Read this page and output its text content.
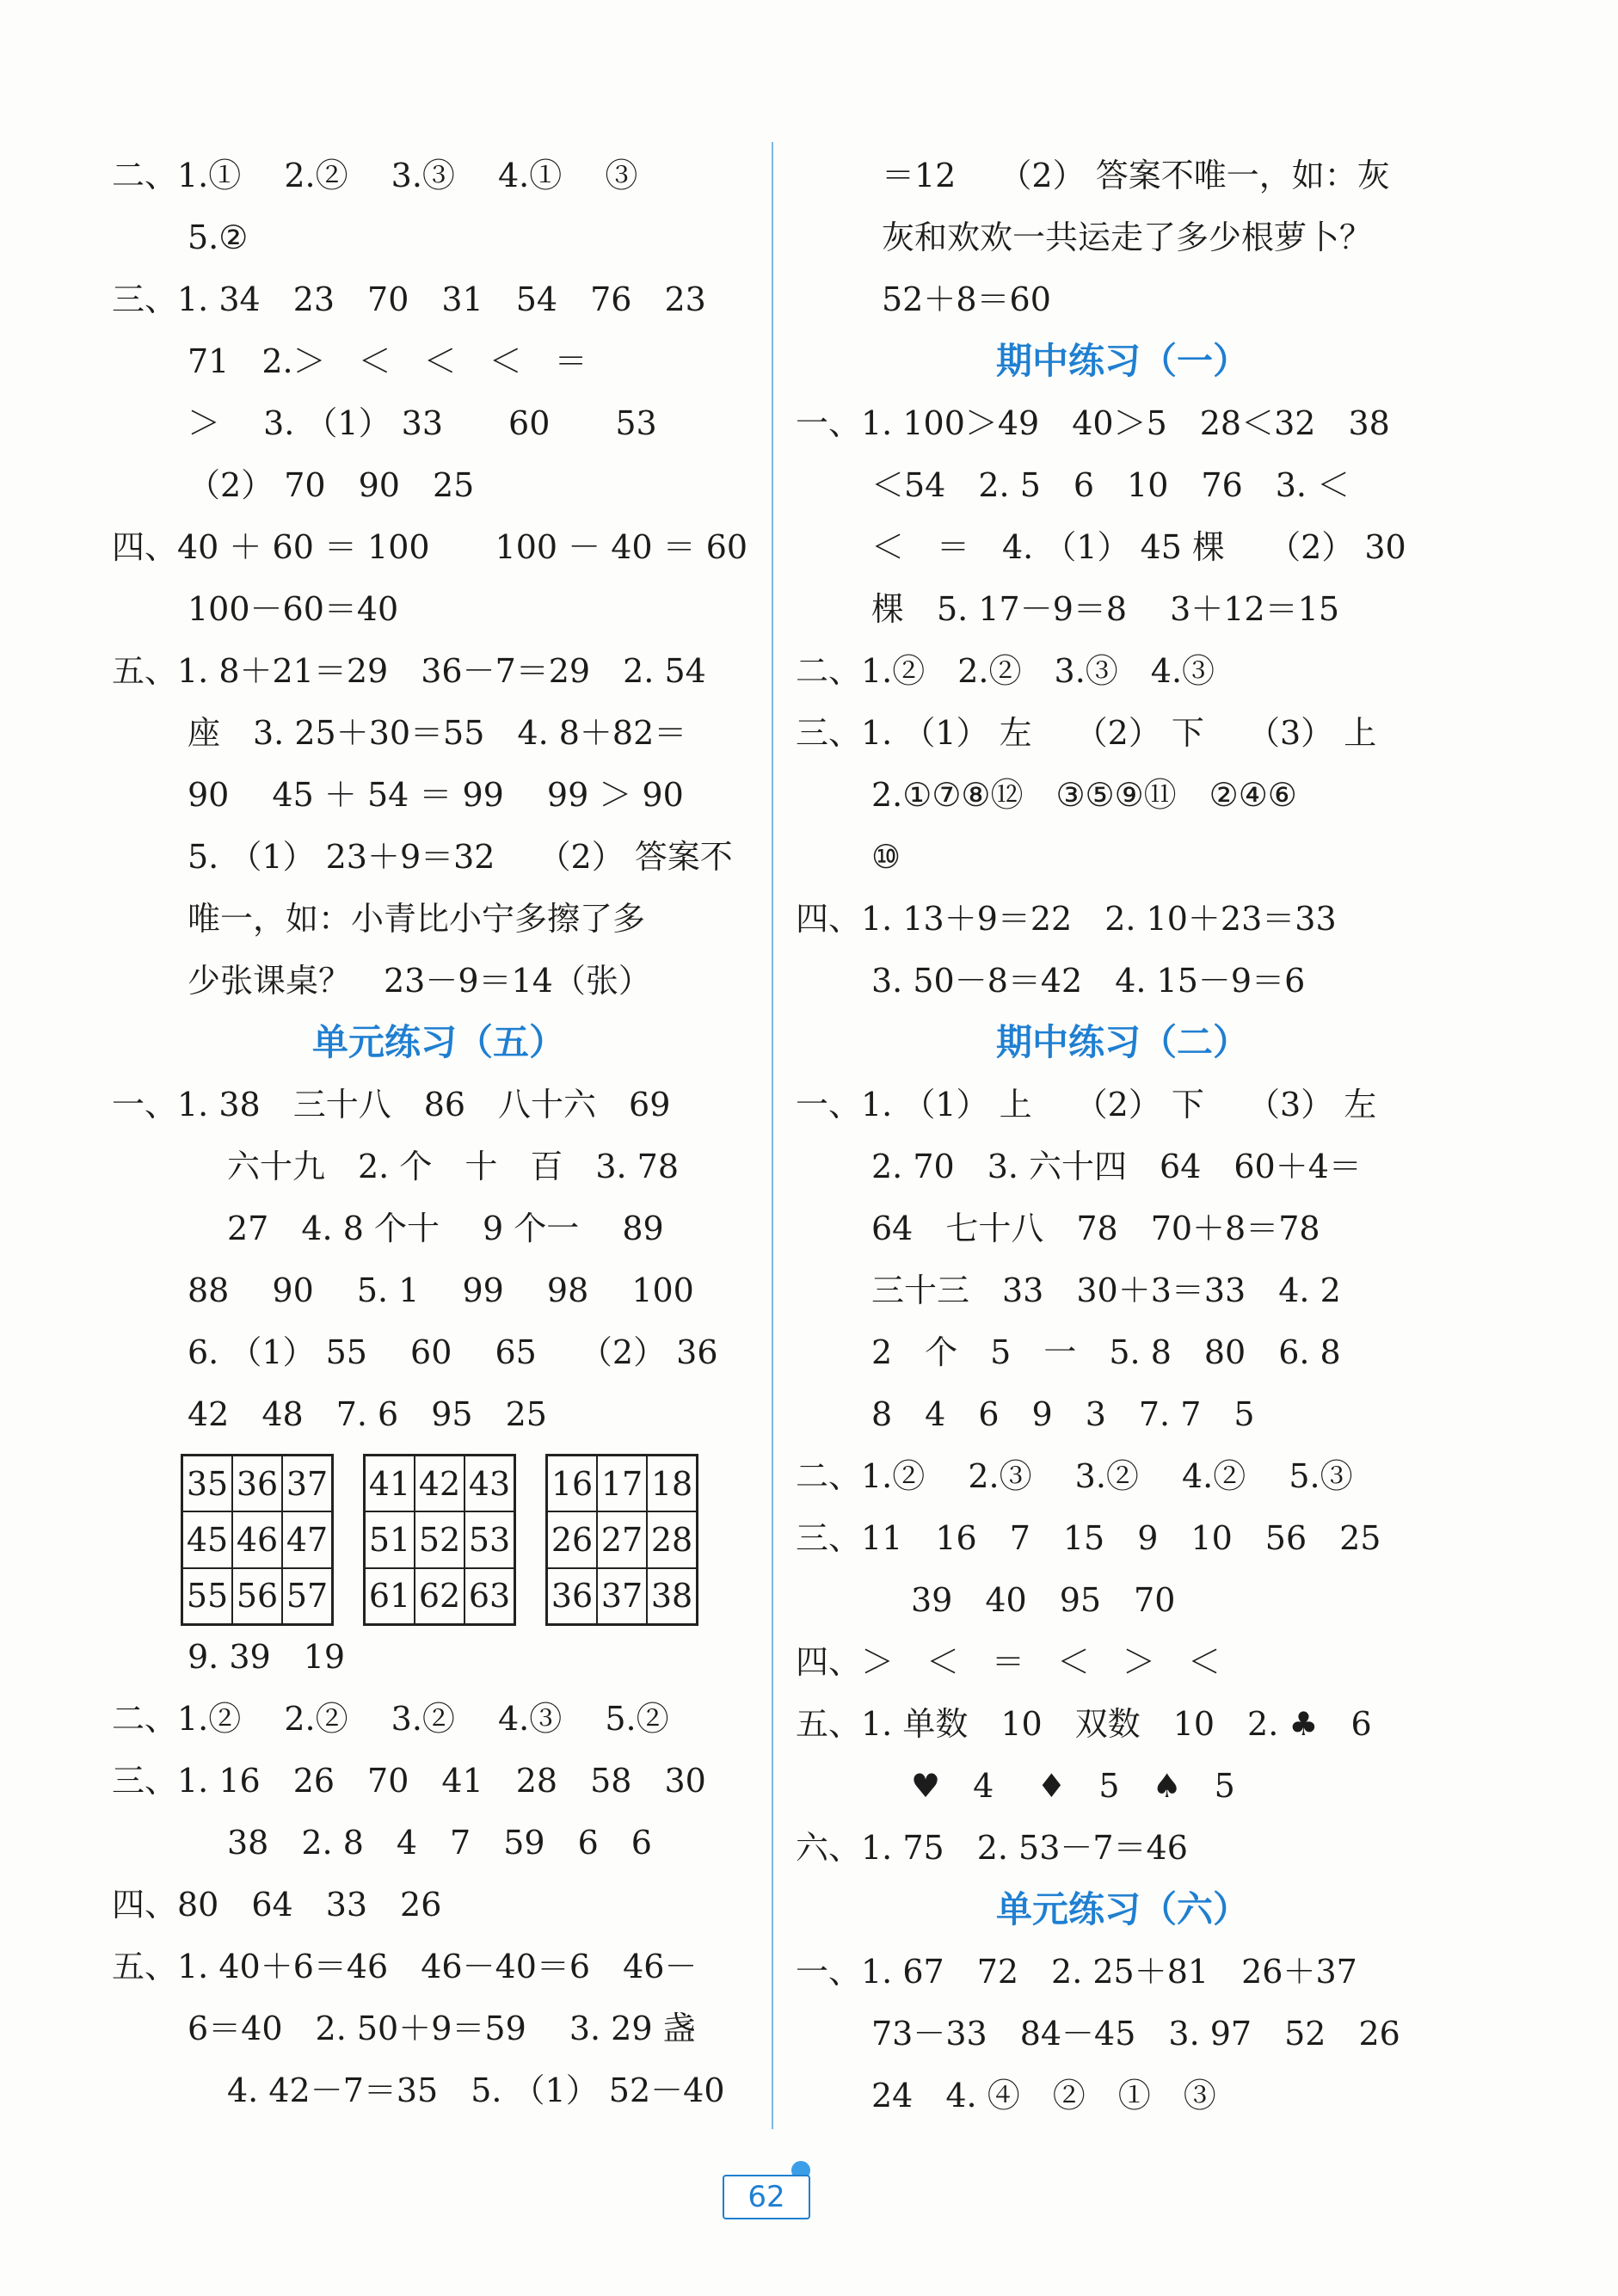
二、1.①　 2.②　 3.③　 4.①　 ③
5.②
三、1. 34　23　70　31　54　76　23
71　2.＞　＜　＜　＜　＝
＞　 3. （1） 33　　60　　53
（2） 70　90　25
四、40 ＋ 60 ＝ 100　　100 － 40 ＝ 60
100－60＝40
五、1. 8＋21＝29　36－7＝29　2. 54
座　3. 25＋30＝55　4. 8＋82＝
90　 45 ＋ 54 ＝ 99　 99 ＞ 90
5. （1） 23＋9＝32　 （2） 答案不
唯一，如：小青比小宁多擦了多
少张课桌？　23－9＝14（张）
单元练习（五）
一、1. 38　三十八　86　八十六　69
六十九　2. 个　十　百　3. 78
27　4. 8 个十　 9 个一　 89
88　 90　 5. 1　 99　 98　 100
6. （1） 55　 60　 65　 （2） 36
42　48　7. 6　95　25
35	36	37
45	46	47
55	56	57
41	42	43
51	52	53
61	62	63
16	17	18
26	27	28
36	37	38
9. 39　19
二、1.②　 2.②　 3.②　 4.③　 5.②
三、1. 16　26　70　41　28　58　30
38　2. 8　4　7　59　6　6
四、80　64　33　26
五、1. 40＋6＝46　46－40＝6　46－
6＝40　2. 50＋9＝59　 3. 29 盏
4. 42－7＝35　5. （1） 52－40
＝12　 （2） 答案不唯一，如：灰
灰和欢欢一共运走了多少根萝卜？
52＋8＝60
期中练习（一）
一、1. 100＞49　40＞5　28＜32　38
＜54　2. 5　6　10　76　3. ＜
＜　＝　4. （1） 45 棵　 （2） 30
棵　5. 17－9＝8　 3＋12＝15
二、1.②　2.②　3.③　4.③
三、1. （1） 左　 （2） 下　 （3） 上
2.①⑦⑧⑫　③⑤⑨⑪　②④⑥
⑩
四、1. 13＋9＝22　2. 10＋23＝33
3. 50－8＝42　4. 15－9＝6
期中练习（二）
一、1. （1） 上　 （2） 下　 （3） 左
2. 70　3. 六十四　64　60＋4＝
64　七十八　78　70＋8＝78
三十三　33　30＋3＝33　4. 2
2　个　5　一　5. 8　80　6. 8
8　4　6　9　3　7. 7　5
二、1.②　 2.③　 3.②　 4.②　 5.③
三、11　16　7　15　9　10　56　25
39　40　95　70
四、＞　＜　＝　＜　＞　＜
五、1. 单数　10　双数　10　2. ♣　6
♥　4　 ♦　5　♠　5
六、1. 75　2. 53－7＝46
单元练习（六）
一、1. 67　72　2. 25＋81　26＋37
73－33　84－45　3. 97　52　26
24　4. ④　②　①　③
62
